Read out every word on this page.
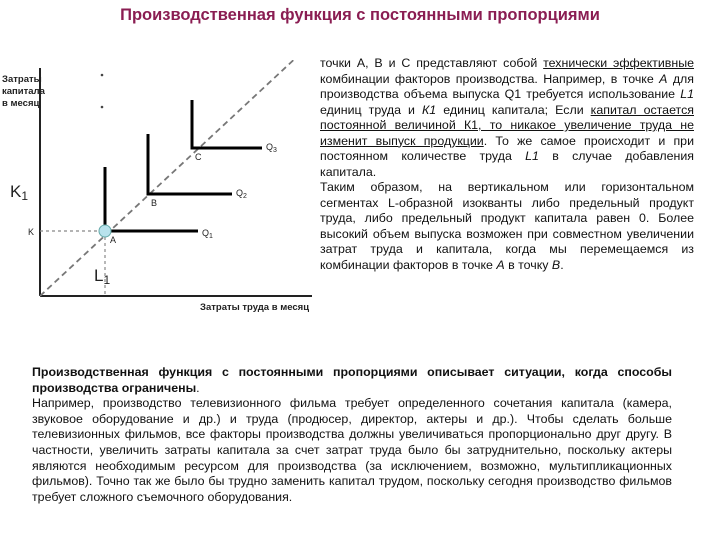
Производственная функция с постоянными пропорциями
Затраты
капитала
в месяц
Затраты труда в месяц
A
B
C
$Q_1$
$Q_2$
$Q_3$
K
K1
L1
точки А, В и С представляют собой технически эффективные комбинации факторов производства. Например, в точке А для производства объема выпуска Q1 требуется использование L1 единиц труда и К1 единиц капитала; Если капитал остается постоянной величиной К1, то никакое увеличение труда не изменит выпуск продукции. То же самое происходит и при постоянном количестве труда L1 в случае добавления капитала.
Таким образом, на вертикальном или горизонтальном сегментах L-образной изокванты либо предельный продукт труда, либо предельный продукт капитала равен 0. Более высокий объем выпуска возможен при совместном увеличении затрат труда и капитала, когда мы перемещаемся из комбинации факторов в точке А в точку В.
Производственная функция с постоянными пропорциями описывает ситуации, когда способы производства ограничены.
Например, производство телевизионного фильма требует определенного сочетания капитала (камера, звуковое оборудование и др.) и труда (продюсер, директор, актеры и др.). Чтобы сделать больше телевизионных фильмов, все факторы производства должны увеличиваться пропорционально друг другу. В частности, увеличить затраты капитала за счет затрат труда было бы затруднительно, поскольку актеры являются необходимым ресурсом для производства (за исключением, возможно, мультипликационных фильмов). Точно так же было бы трудно заменить капитал трудом, поскольку сегодня производство фильмов требует сложного съемочного оборудования.
